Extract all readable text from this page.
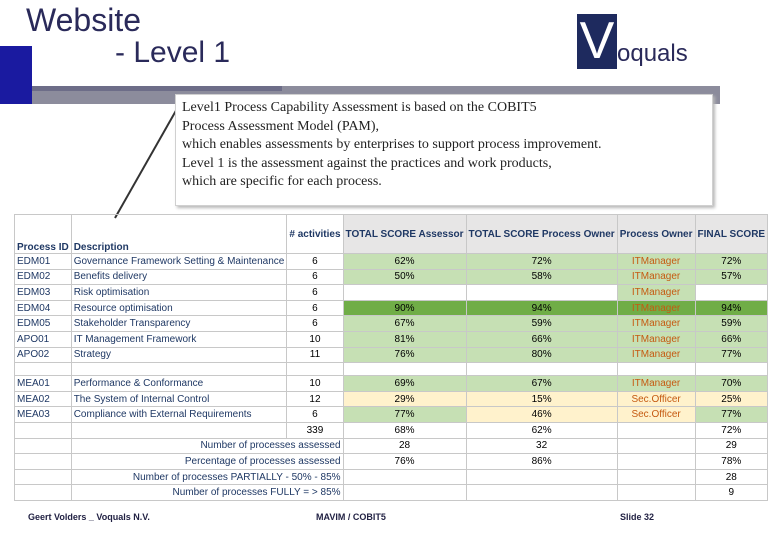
Website
- Level 1	V oquals
Level1 Process Capability Assessment is based on the COBIT5
Process Assessment Model (PAM),
which enables assessments by enterprises to support process improvement.
Level 1 is the assessment against the practices and work products,
which are specific for each process.
Process ID	Description	# activities	TOTAL SCORE Assessor	TOTAL SCORE Process Owner	Process Owner	FINAL SCORE
EDM01	Governance Framework Setting & Maintenance	6	62%	72%	ITManager	72%
EDM02	Benefits delivery	6	50%	58%	ITManager	57%
EDM03	Risk optimisation	6			ITManager	
EDM04	Resource optimisation	6	90%	94%	ITManager	94%
EDM05	Stakeholder Transparency	6	67%	59%	ITManager	59%
APO01	IT Management Framework	10	81%	66%	ITManager	66%
APO02	Strategy	11	76%	80%	ITManager	77%

MEA01	Performance & Conformance	10	69%	67%	ITManager	70%
MEA02	The System of Internal Control	12	29%	15%	Sec.Officer	25%
MEA03	Compliance with External Requirements	6	77%	46%	Sec.Officer	77%
		339	68%	62%		72%
	Number of processes assessed		28	32		29
	Percentage of processes assessed		76%	86%		78%
	Number of processes PARTIALLY - 50% - 85%					28
	Number of processes FULLY = > 85%					9
Geert Volders _ Voquals N.V.	MAVIM / COBIT5	Slide 32
